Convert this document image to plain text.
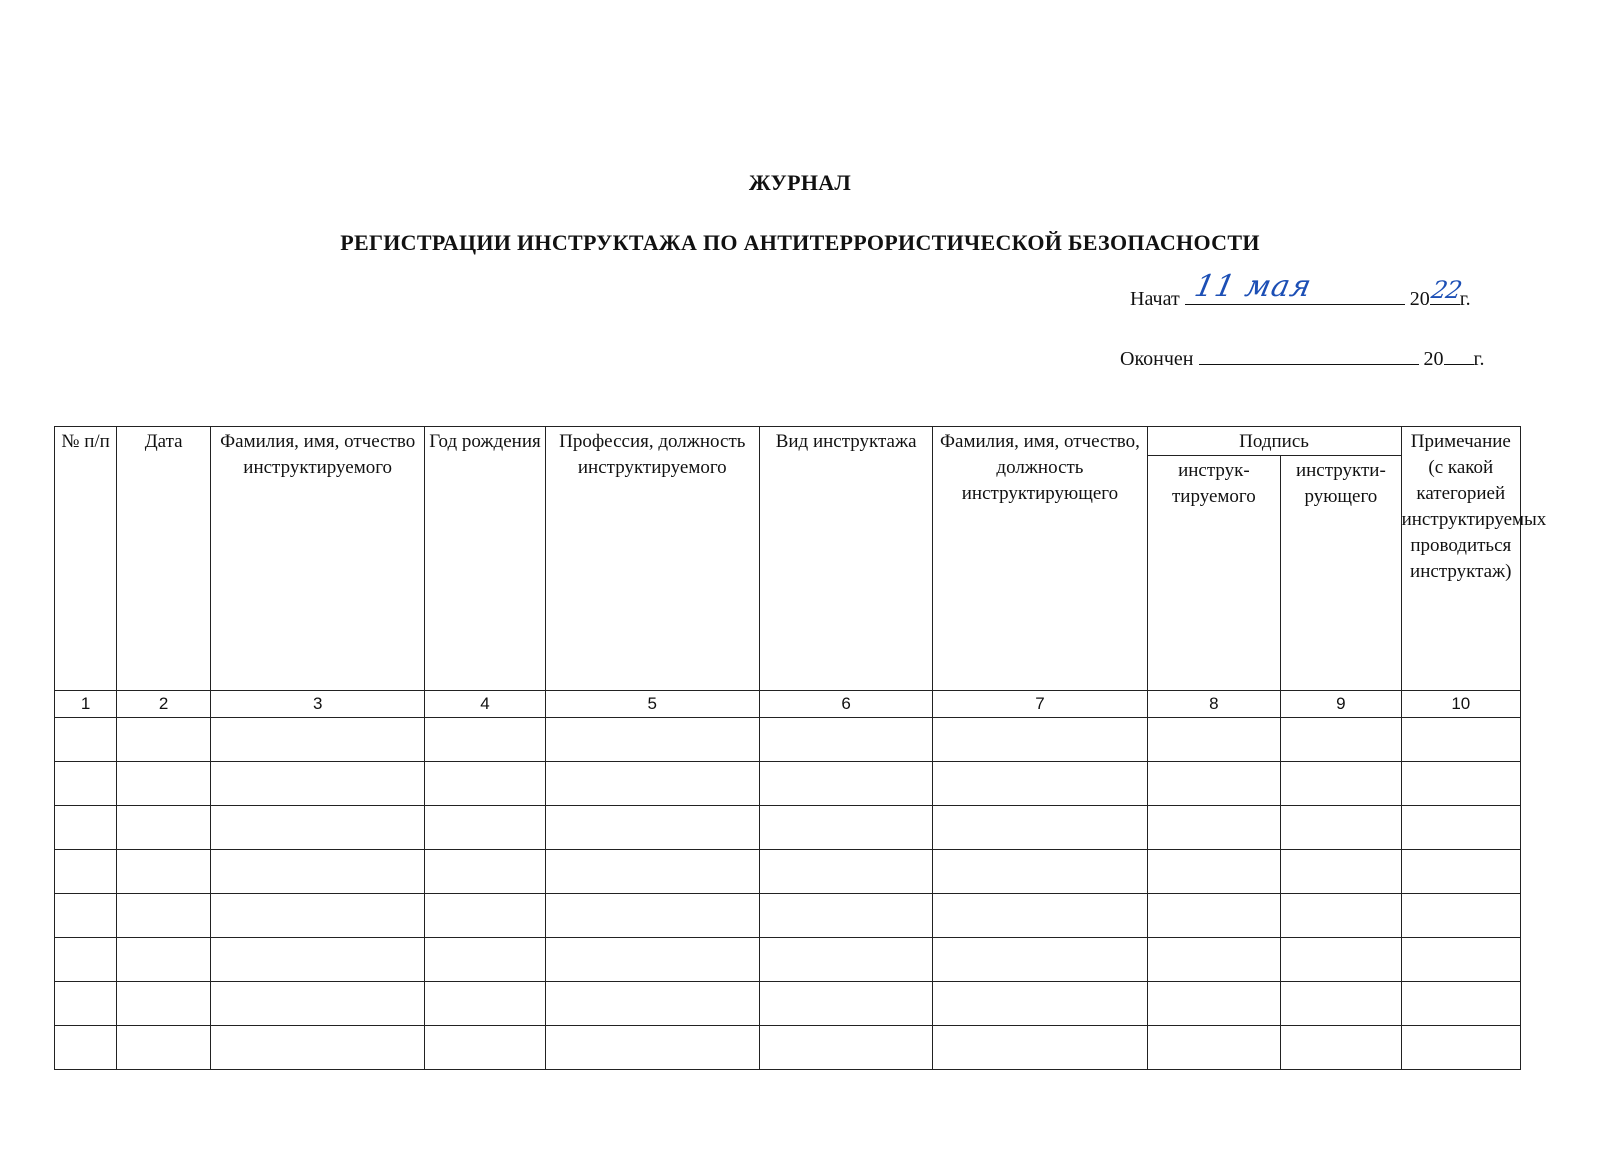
ЖУРНАЛ
РЕГИСТРАЦИИ ИНСТРУКТАЖА ПО АНТИТЕРРОРИСТИЧЕСКОЙ БЕЗОПАСНОСТИ
Начат 11 мая	20 22
г.
Окончен	20 г.
№ п/п	Дата	Фамилия, имя, отчество инструктируемого	Год рождения	Профессия, должность инструктируемого	Вид инструктажа	Фамилия, имя, отчество, должность инструктирующего	Подпись		Примечание (с какой категорией инструктируемых проводиться инструктаж)
							инструк-тируемого	инструкти-рующего	
1	2	3	4	5	6	7	8	9	10
